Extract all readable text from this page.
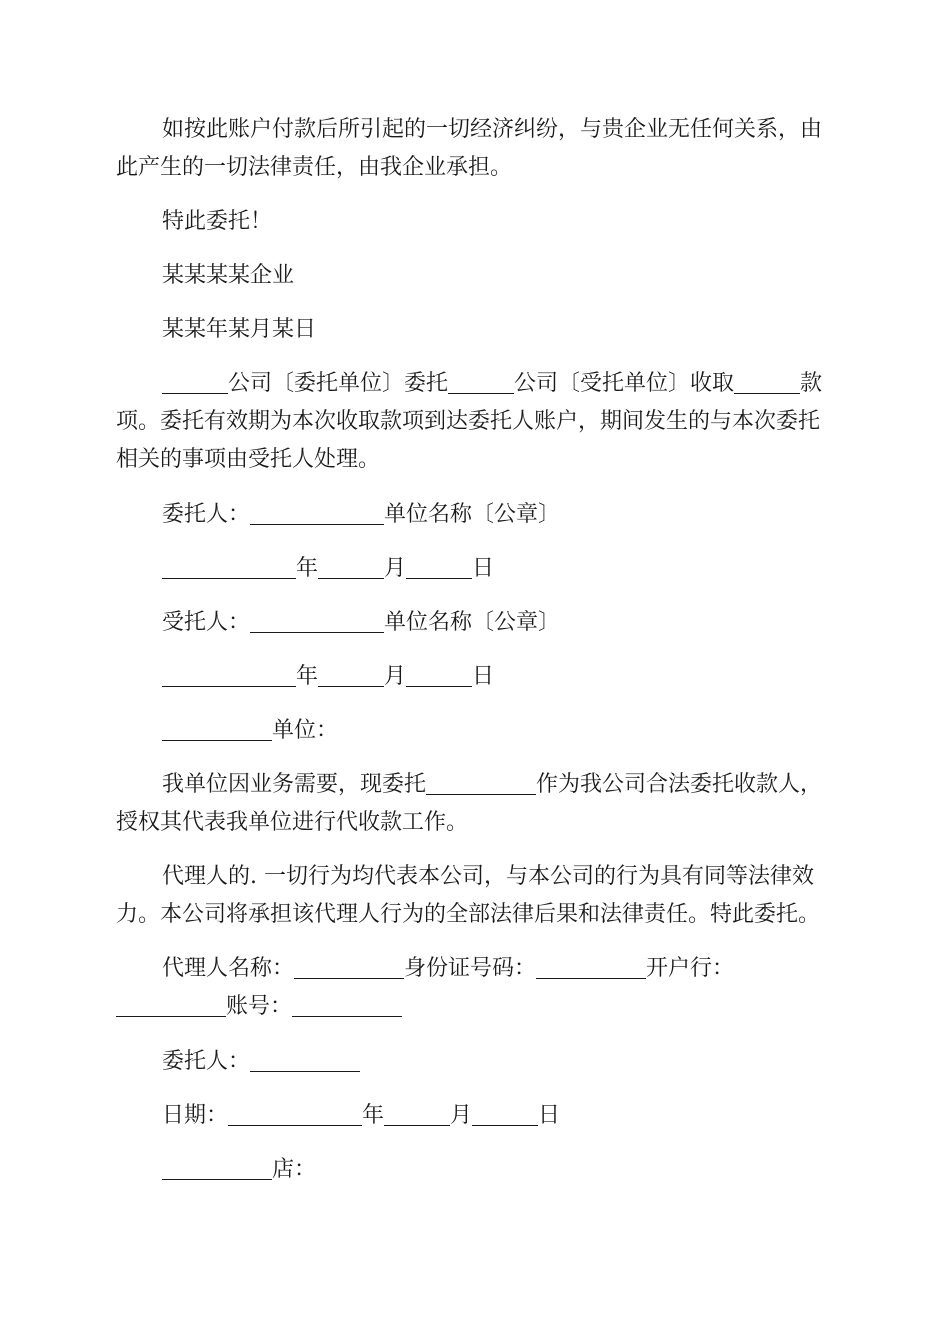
如按此账户付款后所引起的一切经济纠纷，与贵企业无任何关系，由
此产生的一切法律责任，由我企业承担。
特此委托！
某某某某企业
某某年某月某日
公司〔委托单位〕委托	公司〔受托单位〕收取	款
项。委托有效期为本次收取款项到达委托人账户，期间发生的与本次委托
相关的事项由受托人处理。
委托人：	单位名称〔公章〕
年	月	日
受托人：	单位名称〔公章〕
年	月	日
单位：
我单位因业务需要，现委托	作为我公司合法委托收款人，
授权其代表我单位进行代收款工作。
代理人的. 一切行为均代表本公司，与本公司的行为具有同等法律效
力。本公司将承担该代理人行为的全部法律后果和法律责任。特此委托。
代理人名称：	身份证号码：	开户行：
账号：
委托人：
日期：	年	月	日
店：
